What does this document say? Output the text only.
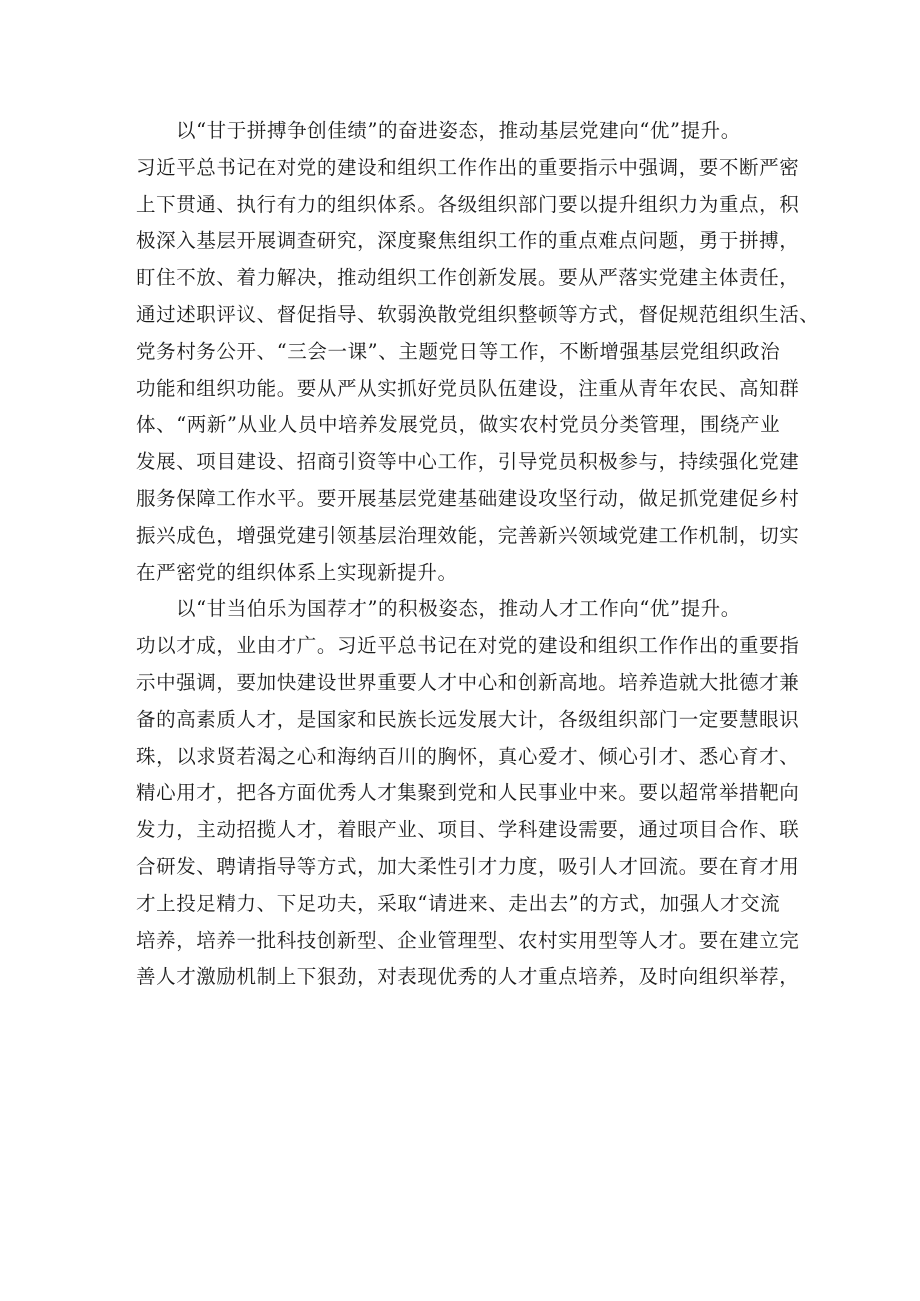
以“甘于拼搏争创佳绩”的奋进姿态，推动基层党建向“优”提升。
习近平总书记在对党的建设和组织工作作出的重要指示中强调，要不断严密
上下贯通、执行有力的组织体系。各级组织部门要以提升组织力为重点，积
极深入基层开展调查研究，深度聚焦组织工作的重点难点问题，勇于拼搏，
盯住不放、着力解决，推动组织工作创新发展。要从严落实党建主体责任，
通过述职评议、督促指导、软弱涣散党组织整顿等方式，督促规范组织生活、
党务村务公开、“三会一课”、主题党日等工作，不断增强基层党组织政治
功能和组织功能。要从严从实抓好党员队伍建设，注重从青年农民、高知群
体、“两新”从业人员中培养发展党员，做实农村党员分类管理，围绕产业
发展、项目建设、招商引资等中心工作，引导党员积极参与，持续强化党建
服务保障工作水平。要开展基层党建基础建设攻坚行动，做足抓党建促乡村
振兴成色，增强党建引领基层治理效能，完善新兴领域党建工作机制，切实
在严密党的组织体系上实现新提升。
以“甘当伯乐为国荐才”的积极姿态，推动人才工作向“优”提升。
功以才成，业由才广。习近平总书记在对党的建设和组织工作作出的重要指
示中强调，要加快建设世界重要人才中心和创新高地。培养造就大批德才兼
备的高素质人才，是国家和民族长远发展大计，各级组织部门一定要慧眼识
珠，以求贤若渴之心和海纳百川的胸怀，真心爱才、倾心引才、悉心育才、
精心用才，把各方面优秀人才集聚到党和人民事业中来。要以超常举措靶向
发力，主动招揽人才，着眼产业、项目、学科建设需要，通过项目合作、联
合研发、聘请指导等方式，加大柔性引才力度，吸引人才回流。要在育才用
才上投足精力、下足功夫，采取“请进来、走出去”的方式，加强人才交流
培养，培养一批科技创新型、企业管理型、农村实用型等人才。要在建立完
善人才激励机制上下狠劲，对表现优秀的人才重点培养，及时向组织举荐，
